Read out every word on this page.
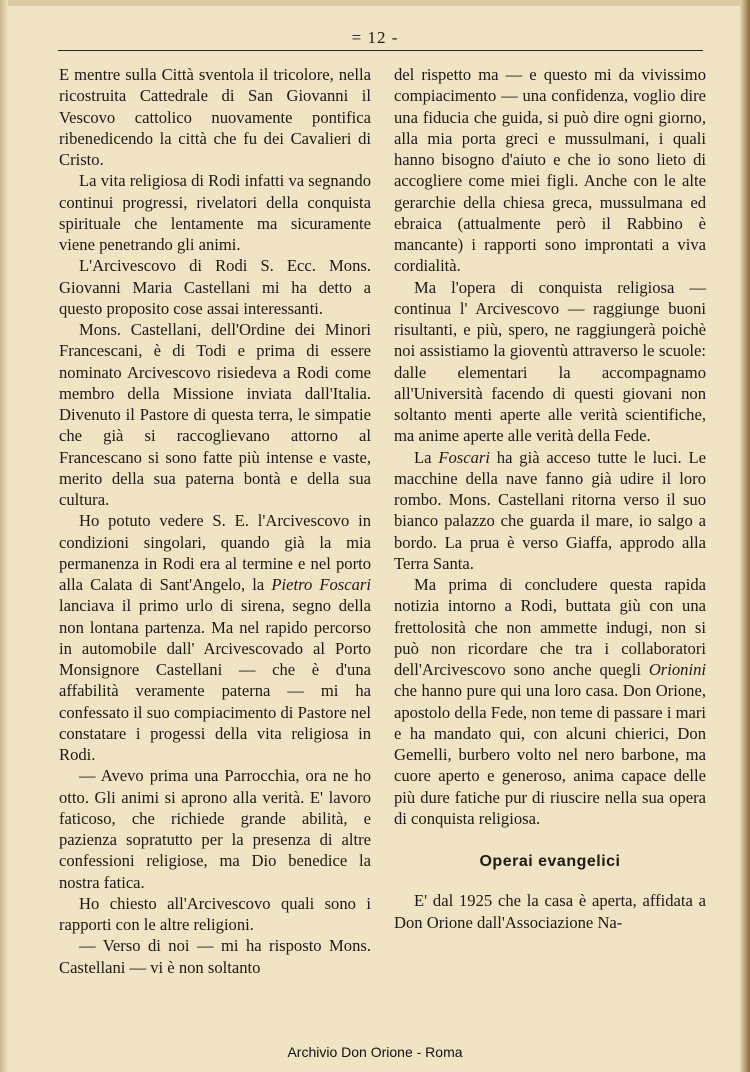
= 12 -

E mentre sulla Città sventola il tricolore, nella ricostruita Cattedrale di San Giovanni il Vescovo cattolico nuovamente pontifica ribenedicendo la città che fu dei Cavalieri di Cristo.

La vita religiosa di Rodi infatti va segnando continui progressi, rivelatori della conquista spirituale che lentamente ma sicuramente viene penetrando gli animi.

L'Arcivescovo di Rodi S. Ecc. Mons. Giovanni Maria Castellani mi ha detto a questo proposito cose assai interessanti.

Mons. Castellani, dell'Ordine dei Minori Francescani, è di Todi e prima di essere nominato Arcivescovo risiedeva a Rodi come membro della Missione inviata dall'Italia. Divenuto il Pastore di questa terra, le simpatie che già si raccoglievano attorno al Francescano si sono fatte più intense e vaste, merito della sua paterna bontà e della sua cultura.

Ho potuto vedere S. E. l'Arcivescovo in condizioni singolari, quando già la mia permanenza in Rodi era al termine e nel porto alla Calata di Sant'Angelo, la Pietro Foscari lanciava il primo urlo di sirena, segno della non lontana partenza. Ma nel rapido percorso in automobile dall' Arcivescovado al Porto Monsignore Castellani — che è d'una affabilità veramente paterna — mi ha confessato il suo compiacimento di Pastore nel constatare i progessi della vita religiosa in Rodi.

— Avevo prima una Parrocchia, ora ne ho otto. Gli animi si aprono alla verità. E' lavoro faticoso, che richiede grande abilità, e pazienza sopratutto per la presenza di altre confessioni religiose, ma Dio benedice la nostra fatica.

Ho chiesto all'Arcivescovo quali sono i rapporti con le altre religioni.

— Verso di noi — mi ha risposto Mons. Castellani — vi è non soltanto

del rispetto ma — e questo mi da vivissimo compiacimento — una confidenza, voglio dire una fiducia che guida, si può dire ogni giorno, alla mia porta greci e mussulmani, i quali hanno bisogno d'aiuto e che io sono lieto di accogliere come miei figli. Anche con le alte gerarchie della chiesa greca, mussulmana ed ebraica (attualmente però il Rabbino è mancante) i rapporti sono improntati a viva cordialità.

Ma l'opera di conquista religiosa — continua l' Arcivescovo — raggiunge buoni risultanti, e più, spero, ne raggiungerà poichè noi assistiamo la gioventù attraverso le scuole: dalle elementari la accompagnamo all'Università facendo di questi giovani non soltanto menti aperte alle verità scientifiche, ma anime aperte alle verità della Fede.

La Foscari ha già acceso tutte le luci. Le macchine della nave fanno già udire il loro rombo. Mons. Castellani ritorna verso il suo bianco palazzo che guarda il mare, io salgo a bordo. La prua è verso Giaffa, approdo alla Terra Santa.

Ma prima di concludere questa rapida notizia intorno a Rodi, buttata giù con una frettolosità che non ammette indugi, non si può non ricordare che tra i collaboratori dell'Arcivescovo sono anche quegli Orionini che hanno pure qui una loro casa. Don Orione, apostolo della Fede, non teme di passare i mari e ha mandato qui, con alcuni chierici, Don Gemelli, burbero volto nel nero barbone, ma cuore aperto e generoso, anima capace delle più dure fatiche pur di riuscire nella sua opera di conquista religiosa.

Operai evangelici

E' dal 1925 che la casa è aperta, affidata a Don Orione dall'Associazione Na-

Archivio Don Orione - Roma
